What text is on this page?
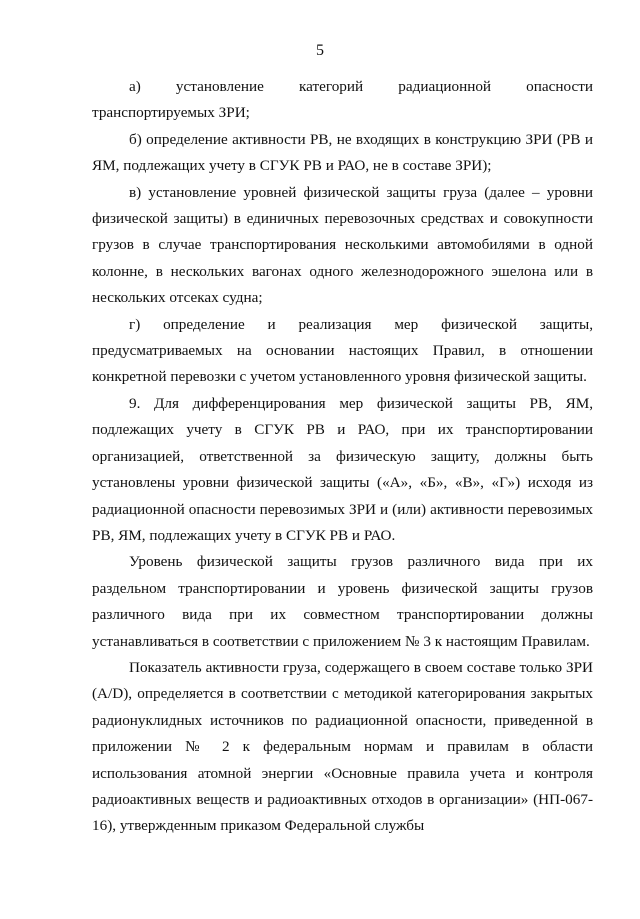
5

а) установление категорий радиационной опасности транспортируемых ЗРИ;

б) определение активности РВ, не входящих в конструкцию ЗРИ (РВ и ЯМ, подлежащих учету в СГУК РВ и РАО, не в составе ЗРИ);

в) установление уровней физической защиты груза (далее – уровни физической защиты) в единичных перевозочных средствах и совокупности грузов в случае транспортирования несколькими автомобилями в одной колонне, в нескольких вагонах одного железнодорожного эшелона или в нескольких отсеках судна;

г) определение и реализация мер физической защиты, предусматриваемых на основании настоящих Правил, в отношении конкретной перевозки с учетом установленного уровня физической защиты.

9. Для дифференцирования мер физической защиты РВ, ЯМ, подлежащих учету в СГУК РВ и РАО, при их транспортировании организацией, ответственной за физическую защиту, должны быть установлены уровни физической защиты («А», «Б», «В», «Г») исходя из радиационной опасности перевозимых ЗРИ и (или) активности перевозимых РВ, ЯМ, подлежащих учету в СГУК РВ и РАО.

Уровень физической защиты грузов различного вида при их раздельном транспортировании и уровень физической защиты грузов различного вида при их совместном транспортировании должны устанавливаться в соответствии с приложением № 3 к настоящим Правилам.

Показатель активности груза, содержащего в своем составе только ЗРИ (A/D), определяется в соответствии с методикой категорирования закрытых радионуклидных источников по радиационной опасности, приведенной в приложении № 2 к федеральным нормам и правилам в области использования атомной энергии «Основные правила учета и контроля радиоактивных веществ и радиоактивных отходов в организации» (НП-067-16), утвержденным приказом Федеральной службы
